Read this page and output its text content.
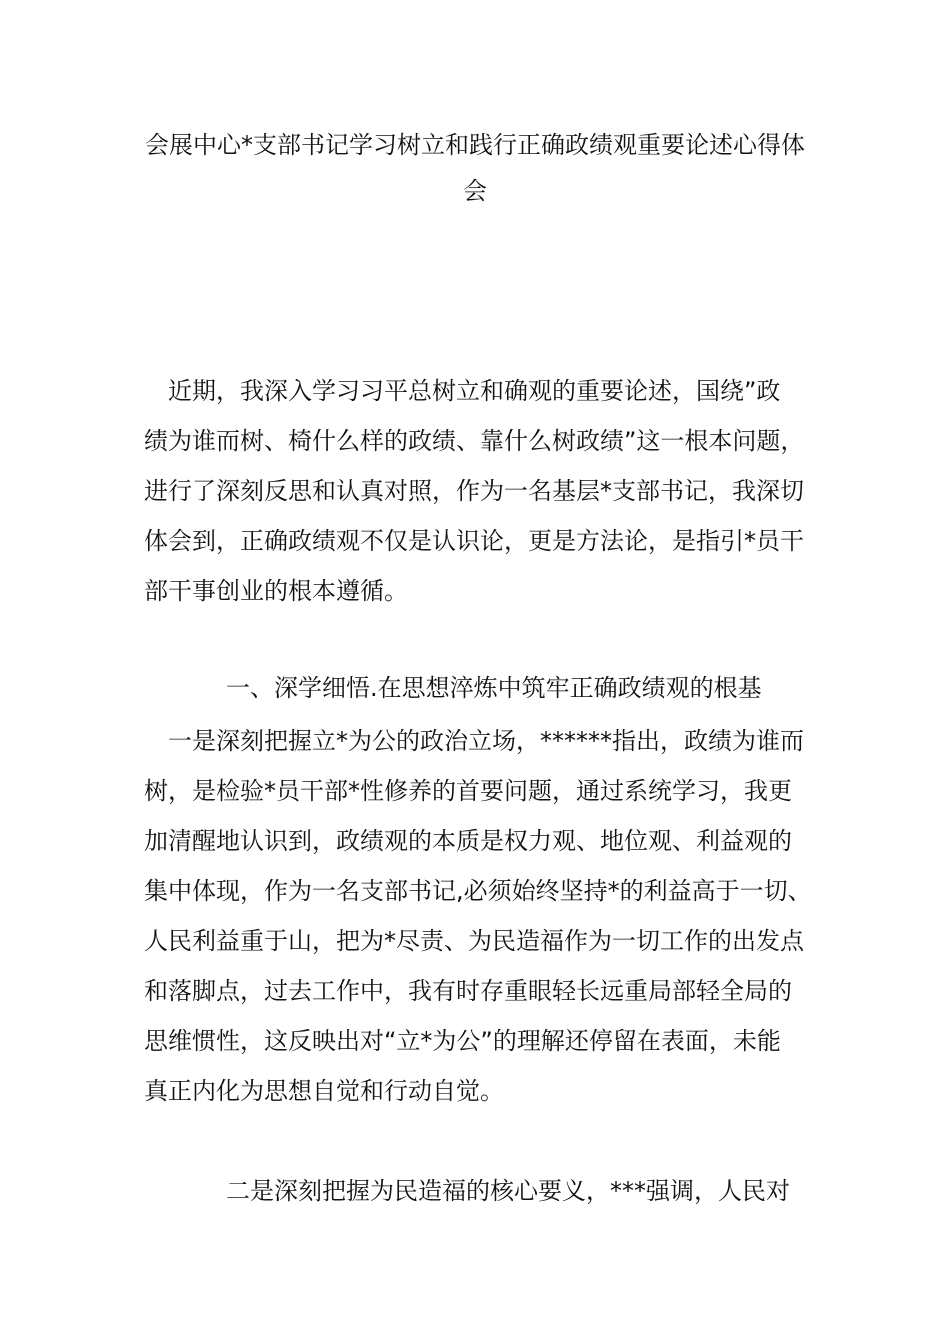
会展中心*支部书记学习树立和践行正确政绩观重要论述心得体
会
　近期，我深入学习习平总树立和确观的重要论述，国绕”政
绩为谁而树、椅什么样的政绩、靠什么树政绩”这一根本问题，
进行了深刻反思和认真对照，作为一名基层*支部书记，我深切
体会到，正确政绩观不仅是认识论，更是方法论，是指引*员干
部干事创业的根本遵循。
一、深学细悟.在思想淬炼中筑牢正确政绩观的根基
　一是深刻把握立*为公的政治立场，******指出，政绩为谁而
树，是检验*员干部*性修养的首要问题，通过系统学习，我更
加清醒地认识到，政绩观的本质是权力观、地位观、利益观的
集中体现，作为一名支部书记,必须始终坚持*的利益高于一切、
人民利益重于山，把为*尽责、为民造福作为一切工作的出发点
和落脚点，过去工作中，我有时存重眼轻长远重局部轻全局的
思维惯性，这反映出对“立*为公”的理解还停留在表面，未能
真正内化为思想自觉和行动自觉。
二是深刻把握为民造福的核心要义，***强调，人民对
